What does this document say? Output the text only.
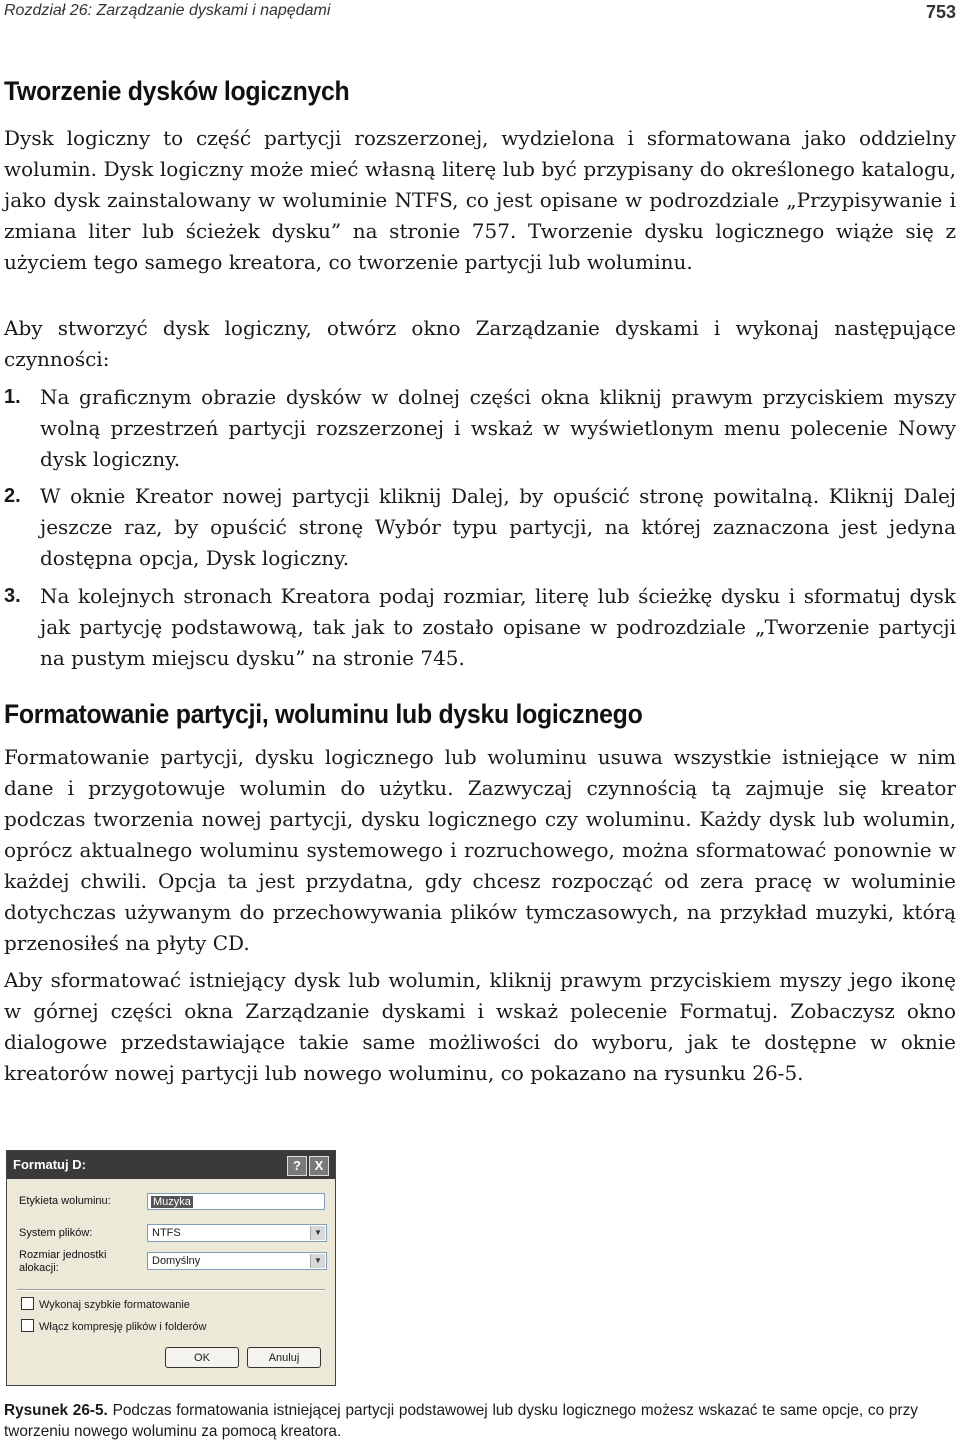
Rozdział 26: Zarządzanie dyskami i napędami	753
Tworzenie dysków logicznych

Dysk logiczny to część partycji rozszerzonej, wydzielona i sformatowana jako oddzielny wolumin. Dysk logiczny może mieć własną literę lub być przypisany do określonego katalogu, jako dysk zainstalowany w woluminie NTFS, co jest opisane w podrozdziale „Przypisywanie i zmiana liter lub ścieżek dysku” na stronie 757. Tworzenie dysku logicznego wiąże się z użyciem tego samego kreatora, co tworzenie partycji lub woluminu.

Aby stworzyć dysk logiczny, otwórz okno Zarządzanie dyskami i wykonaj następujące czynności:

1. Na graficznym obrazie dysków w dolnej części okna kliknij prawym przyciskiem myszy wolną przestrzeń partycji rozszerzonej i wskaż w wyświetlonym menu polecenie Nowy dysk logiczny.
2. W oknie Kreator nowej partycji kliknij Dalej, by opuścić stronę powitalną. Kliknij Dalej jeszcze raz, by opuścić stronę Wybór typu partycji, na której zaznaczona jest jedyna dostępna opcja, Dysk logiczny.
3. Na kolejnych stronach Kreatora podaj rozmiar, literę lub ścieżkę dysku i sformatuj dysk jak partycję podstawową, tak jak to zostało opisane w podrozdziale „Tworzenie partycji na pustym miejscu dysku” na stronie 745.
Formatowanie partycji, woluminu lub dysku logicznego

Formatowanie partycji, dysku logicznego lub woluminu usuwa wszystkie istniejące w nim dane i przygotowuje wolumin do użytku. Zazwyczaj czynnością tą zajmuje się kreator podczas tworzenia nowej partycji, dysku logicznego czy woluminu. Każdy dysk lub wolumin, oprócz aktualnego woluminu systemowego i rozruchowego, można sformatować ponownie w każdej chwili. Opcja ta jest przydatna, gdy chcesz rozpocząć od zera pracę w woluminie dotychczas używanym do przechowywania plików tymczasowych, na przykład muzyki, którą przenosiłeś na płyty CD.

Aby sformatować istniejący dysk lub wolumin, kliknij prawym przyciskiem myszy jego ikonę w górnej części okna Zarządzanie dyskami i wskaż polecenie Formatuj. Zobaczysz okno dialogowe przedstawiające takie same możliwości do wyboru, jak te dostępne w oknie kreatorów nowej partycji lub nowego woluminu, co pokazano na rysunku 26-5.

Formatuj D:	?	X
Etykieta woluminu:	Muzyka
System plików:	NTFS	▼
Rozmiar jednostki alokacji:
Domyślny	▼
Wykonaj szybkie formatowanie
Włącz kompresję plików i folderów
OK	Anuluj

Rysunek 26-5. Podczas formatowania istniejącej partycji podstawowej lub dysku logicznego możesz wskazać te same opcje, co przy tworzeniu nowego woluminu za pomocą kreatora.
